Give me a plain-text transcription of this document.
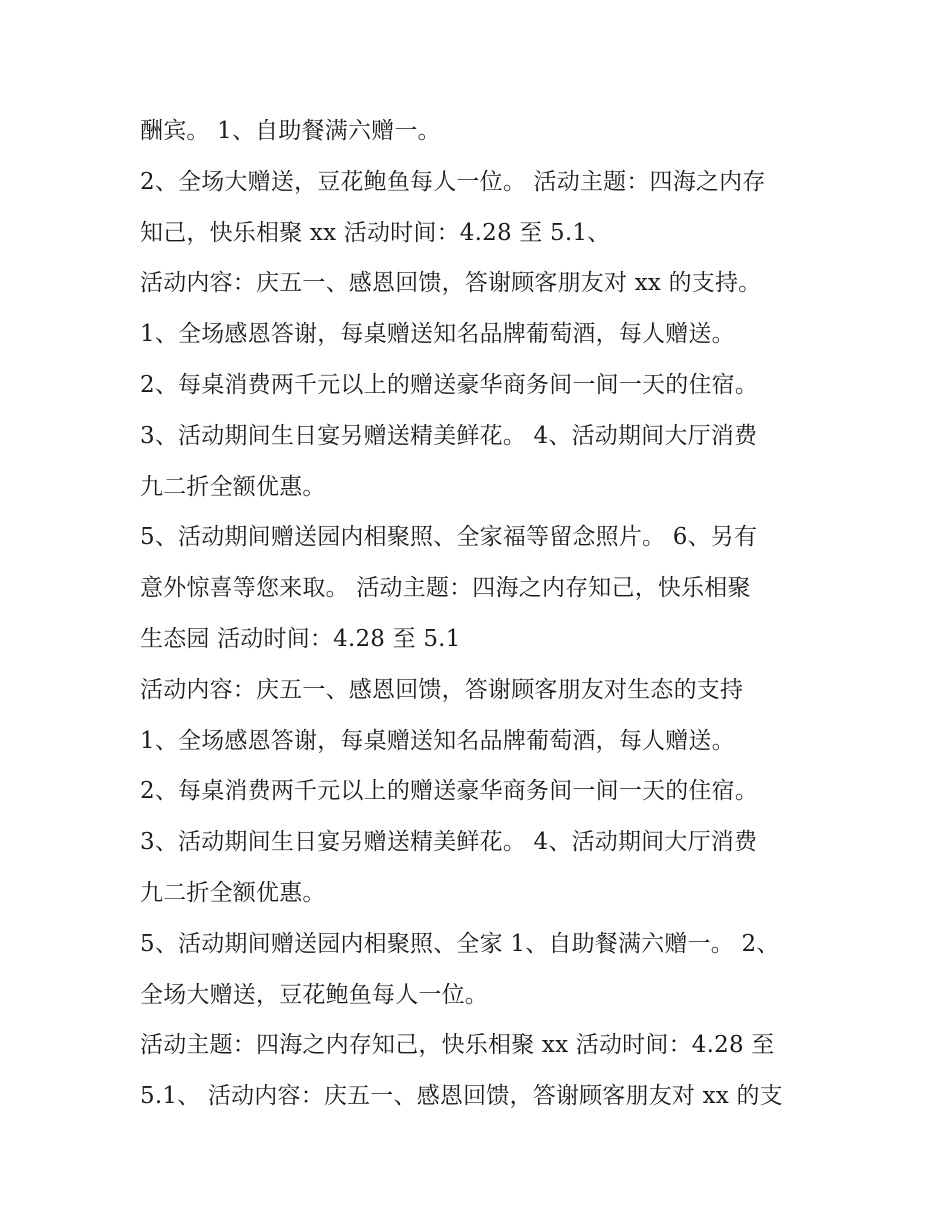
酬宾。 1、自助餐满六赠一。
2、全场大赠送，豆花鲍鱼每人一位。 活动主题：四海之内存
知己，快乐相聚 xx 活动时间：4.28 至 5.1、
活动内容：庆五一、感恩回馈，答谢顾客朋友对 xx 的支持。
1、全场感恩答谢，每桌赠送知名品牌葡萄酒，每人赠送。
2、每桌消费两千元以上的赠送豪华商务间一间一天的住宿。
3、活动期间生日宴另赠送精美鲜花。 4、活动期间大厅消费
九二折全额优惠。
5、活动期间赠送园内相聚照、全家福等留念照片。 6、另有
意外惊喜等您来取。 活动主题：四海之内存知己，快乐相聚
生态园 活动时间：4.28 至 5.1
活动内容：庆五一、感恩回馈，答谢顾客朋友对生态的支持
1、全场感恩答谢，每桌赠送知名品牌葡萄酒，每人赠送。
2、每桌消费两千元以上的赠送豪华商务间一间一天的住宿。
3、活动期间生日宴另赠送精美鲜花。 4、活动期间大厅消费
九二折全额优惠。
5、活动期间赠送园内相聚照、全家 1、自助餐满六赠一。 2、
全场大赠送，豆花鲍鱼每人一位。
活动主题：四海之内存知己，快乐相聚 xx 活动时间：4.28 至
5.1、 活动内容：庆五一、感恩回馈，答谢顾客朋友对 xx 的支
